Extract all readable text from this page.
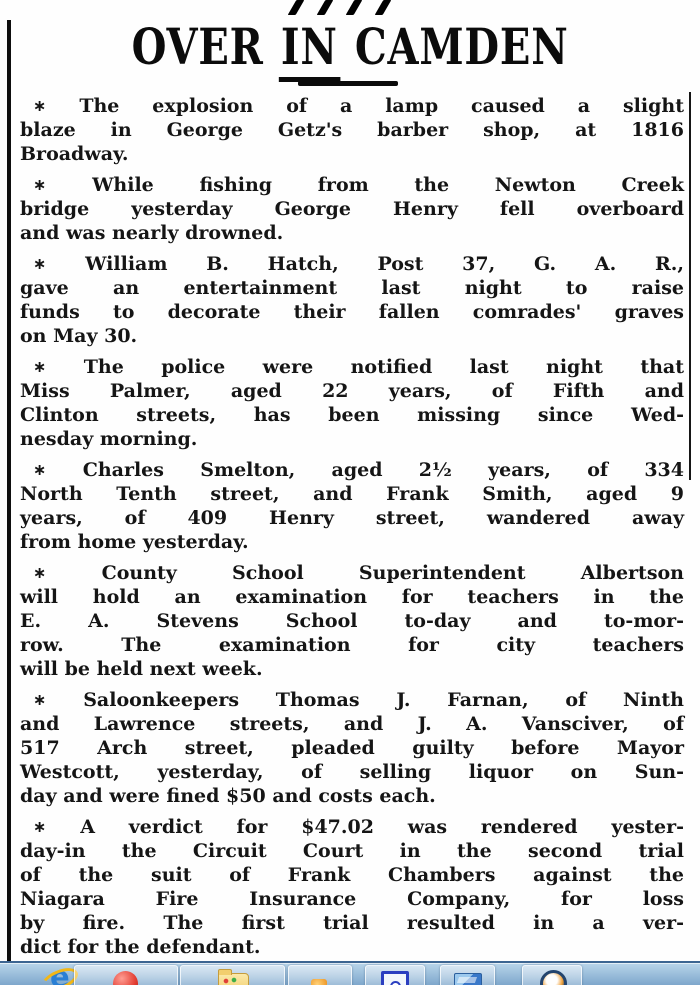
OVER IN CAMDEN
∗ The explosion of a lamp caused a slight
blaze in George Getz's barber shop, at 1816
Broadway.
∗ While fishing from the Newton Creek
bridge yesterday George Henry fell overboard
and was nearly drowned.
∗ William B. Hatch, Post 37, G. A. R.,
gave an entertainment last night to raise
funds to decorate their fallen comrades' graves
on May 30.
∗ The police were notified last night that
Miss Palmer, aged 22 years, of Fifth and
Clinton streets, has been missing since Wed-
nesday morning.
∗ Charles Smelton, aged 2½ years, of 334
North Tenth street, and Frank Smith, aged 9
years, of 409 Henry street, wandered away
from home yesterday.
∗ County School Superintendent Albertson
will hold an examination for teachers in the
E. A. Stevens School to-day and to-mor-
row. The examination for city teachers
will be held next week.
∗ Saloonkeepers Thomas J. Farnan, of Ninth
and Lawrence streets, and J. A. Vansciver, of
517 Arch street, pleaded guilty before Mayor
Westcott, yesterday, of selling liquor on Sun-
day and were fined $50 and costs each.
∗ A verdict for $47.02 was rendered yester-
day-in the Circuit Court in the second trial
of the suit of Frank Chambers against the
Niagara Fire Insurance Company, for loss
by fire. The first trial resulted in a ver-
dict for the defendant.
e
